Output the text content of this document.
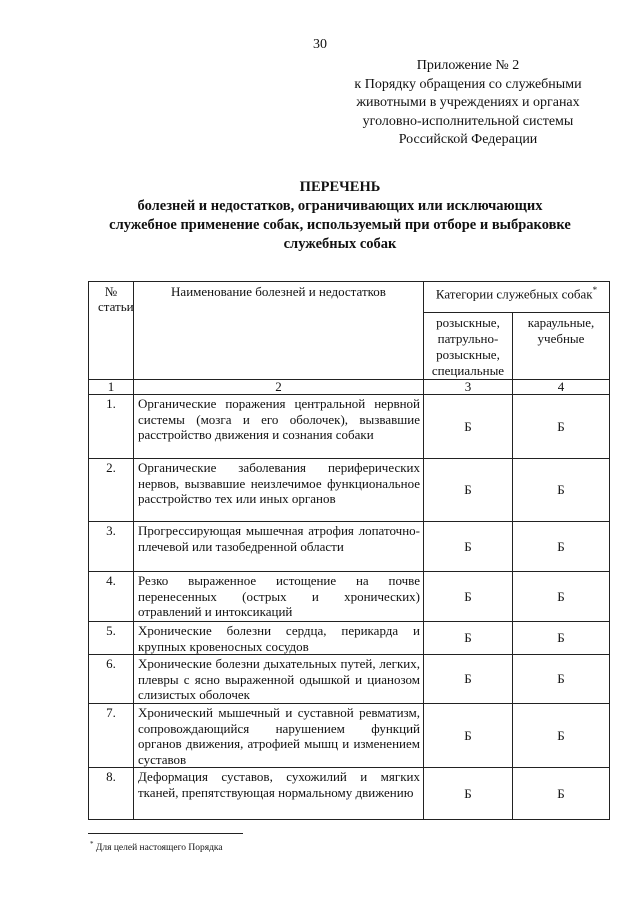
30
Приложение № 2
к Порядку обращения со служебными
животными в учреждениях и органах
уголовно-исполнительной системы
Российской Федерации
ПЕРЕЧЕНЬ
болезней и недостатков, ограничивающих или исключающих
служебное применение собак, используемый при отборе и выбраковке
служебных собак
№ статьи	Наименование болезней и недостатков	Категории служебных собак*
		розыскные, патрульно-розыскные, специальные	караульные, учебные
1	2	3	4
1.	Органические поражения центральной нервной системы (мозга и его оболочек), вызвавшие расстройство движения и сознания собаки	Б	Б
2.	Органические заболевания периферических нервов, вызвавшие неизлечимое функциональное расстройство тех или иных органов	Б	Б
3.	Прогрессирующая мышечная атрофия лопаточно-плечевой или тазобедренной области	Б	Б
4.	Резко выраженное истощение на почве перенесенных (острых и хронических) отравлений и интоксикаций	Б	Б
5.	Хронические болезни сердца, перикарда и крупных кровеносных сосудов	Б	Б
6.	Хронические болезни дыхательных путей, легких, плевры с ясно выраженной одышкой и цианозом слизистых оболочек	Б	Б
7.	Хронический мышечный и суставной ревматизм, сопровождающийся нарушением функций органов движения, атрофией мышц и изменением суставов	Б	Б
8.	Деформация суставов, сухожилий и мягких тканей, препятствующая нормальному движению	Б	Б
* Для целей настоящего Порядка
